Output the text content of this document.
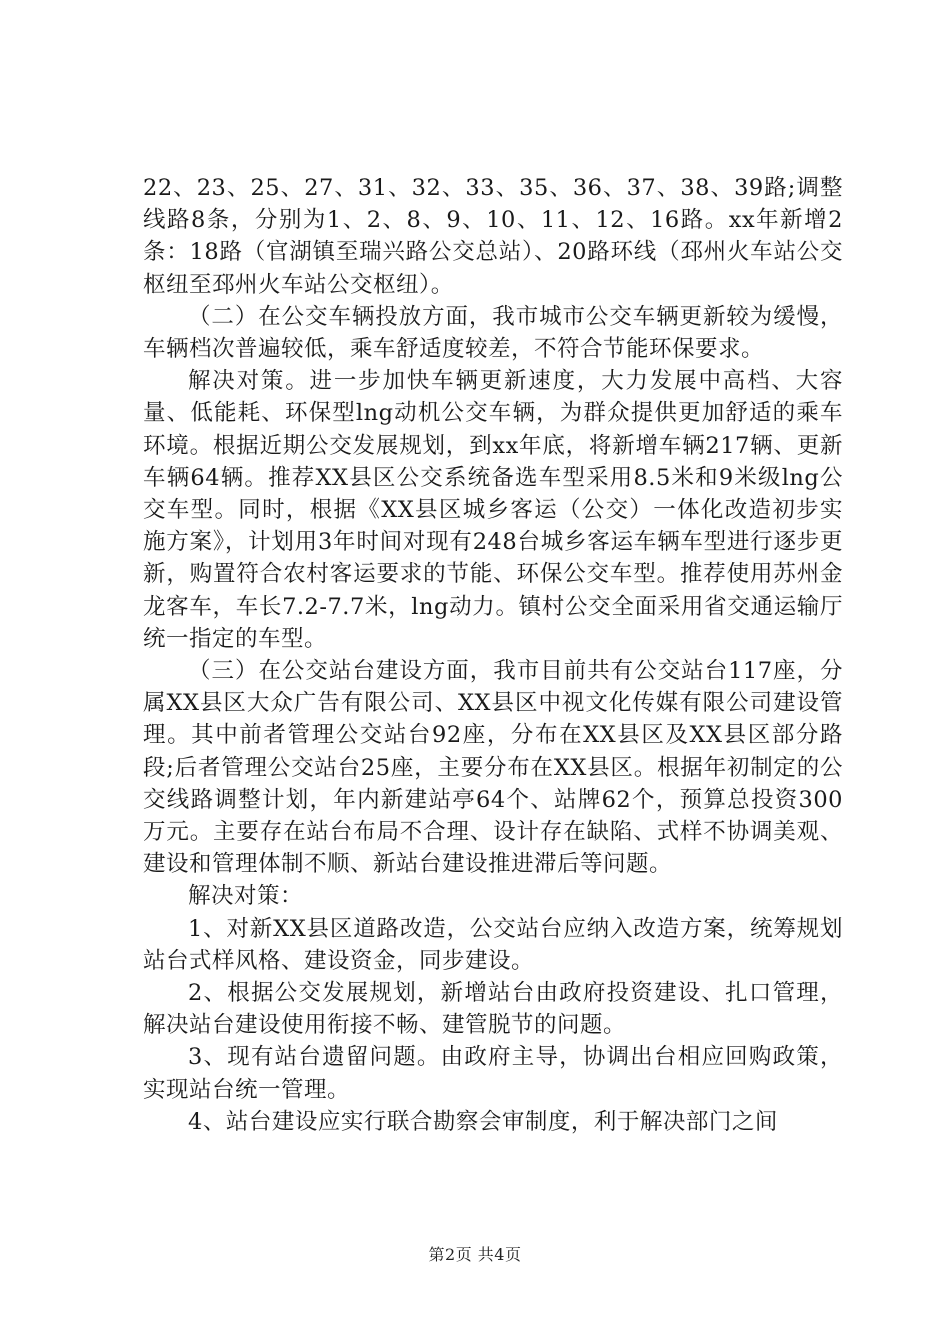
22、23、25、27、31、32、33、35、36、37、38、39路;调整线路8条，分别为1、2、8、9、10、11、12、16路。xx年新增2条：18路（官湖镇至瑞兴路公交总站）、20路环线（邳州火车站公交枢纽至邳州火车站公交枢纽）。

（二）在公交车辆投放方面，我市城市公交车辆更新较为缓慢，车辆档次普遍较低，乘车舒适度较差，不符合节能环保要求。

解决对策。进一步加快车辆更新速度，大力发展中高档、大容量、低能耗、环保型lng动机公交车辆，为群众提供更加舒适的乘车环境。根据近期公交发展规划，到xx年底，将新增车辆217辆、更新车辆64辆。推荐XX县区公交系统备选车型采用8.5米和9米级lng公交车型。同时，根据《XX县区城乡客运（公交）一体化改造初步实施方案》，计划用3年时间对现有248台城乡客运车辆车型进行逐步更新，购置符合农村客运要求的节能、环保公交车型。推荐使用苏州金龙客车，车长7.2-7.7米，lng动力。镇村公交全面采用省交通运输厅统一指定的车型。

（三）在公交站台建设方面，我市目前共有公交站台117座，分属XX县区大众广告有限公司、XX县区中视文化传媒有限公司建设管理。其中前者管理公交站台92座，分布在XX县区及XX县区部分路段;后者管理公交站台25座，主要分布在XX县区。根据年初制定的公交线路调整计划，年内新建站亭64个、站牌62个，预算总投资300万元。主要存在站台布局不合理、设计存在缺陷、式样不协调美观、建设和管理体制不顺、新站台建设推进滞后等问题。

解决对策：

1、对新XX县区道路改造，公交站台应纳入改造方案，统筹规划站台式样风格、建设资金，同步建设。

2、根据公交发展规划，新增站台由政府投资建设、扎口管理，解决站台建设使用衔接不畅、建管脱节的问题。

3、现有站台遗留问题。由政府主导，协调出台相应回购政策，实现站台统一管理。

4、站台建设应实行联合勘察会审制度，利于解决部门之间

第2页 共4页
